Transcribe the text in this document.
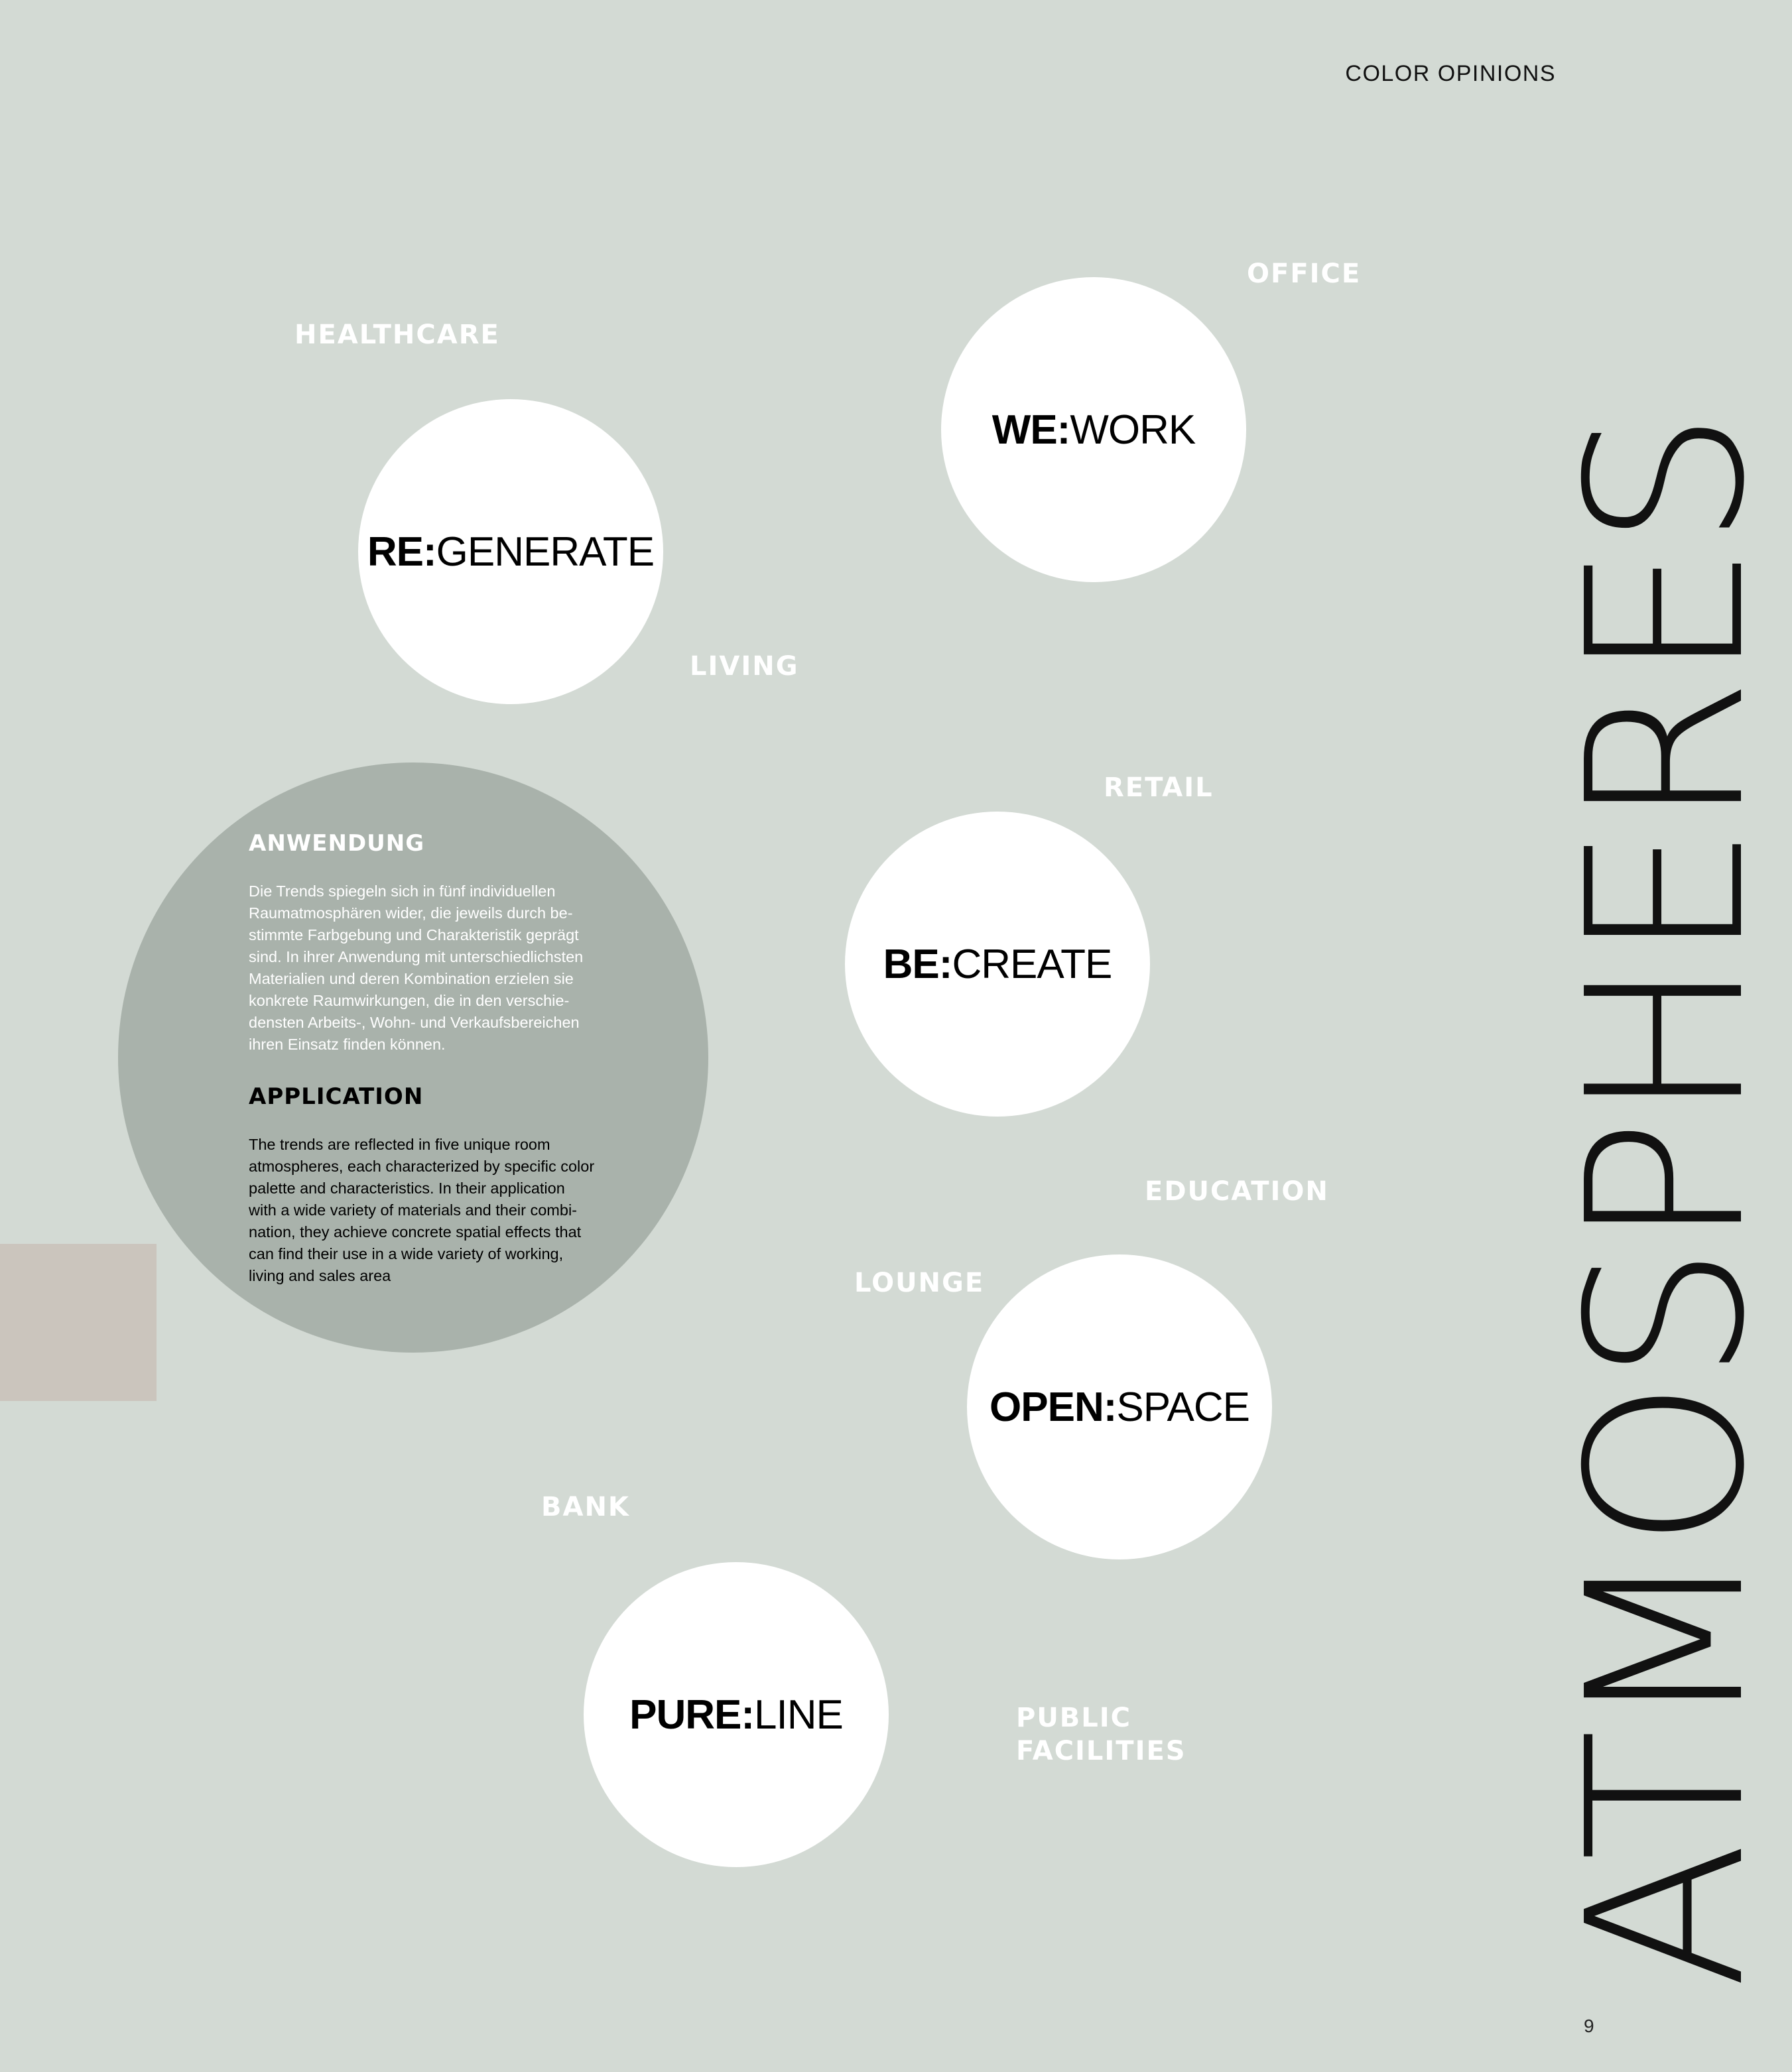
COLOR OPINIONS
RE:GENERATE
WE:WORK
BE:CREATE
OPEN:SPACE
PURE:LINE
HEALTHCARE
OFFICE
LIVING
RETAIL
EDUCATION
LOUNGE
BANK
PUBLIC
FACILITIES
ANWENDUNG
Die Trends spiegeln sich in fünf individuellen
Raumatmosphären wider, die jeweils durch be-
stimmte Farbgebung und Charakteristik geprägt
sind. In ihrer Anwendung mit unterschiedlichsten
Materialien und deren Kombination erzielen sie
konkrete Raumwirkungen, die in den verschie-
densten Arbeits-, Wohn- und Verkaufsbereichen
ihren Einsatz finden können.
APPLICATION
The trends are reflected in five unique room
atmospheres, each characterized by specific color
palette and characteristics. In their application
with a wide variety of materials and their combi-
nation, they achieve concrete spatial effects that
can find their use in a wide variety of working,
living and sales area	ATMOSPHERES
9
